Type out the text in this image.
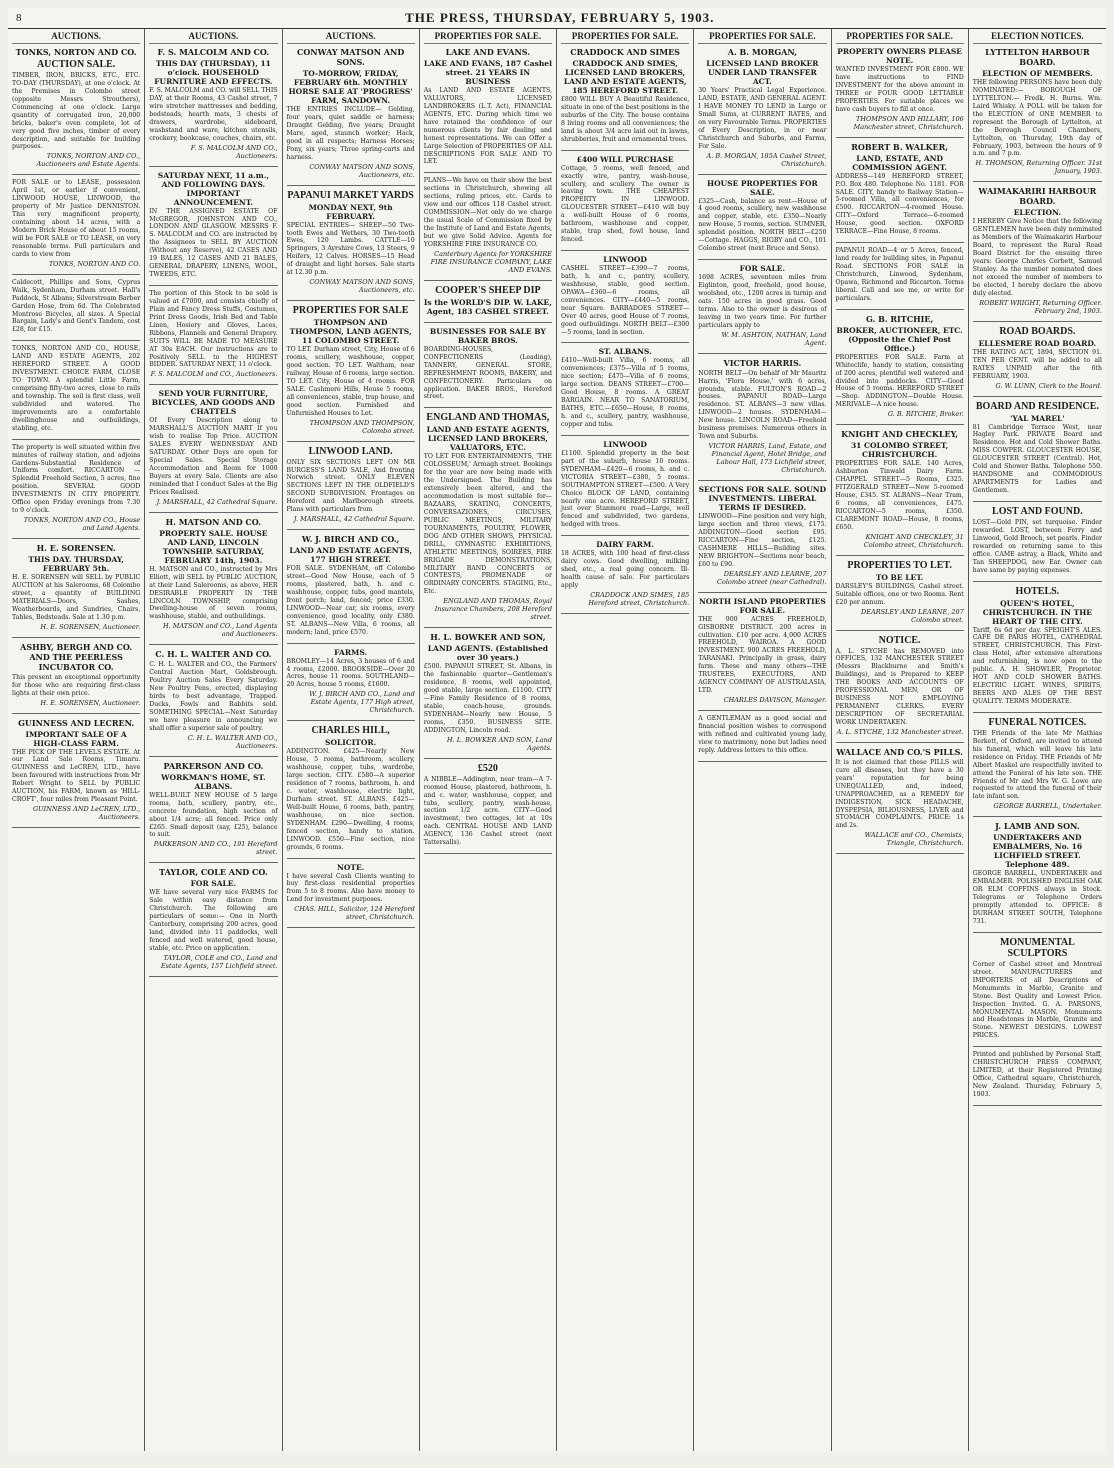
8	THE PRESS, THURSDAY, FEBRUARY 5, 1903.
AUCTIONS.
TONKS, NORTON AND CO.
AUCTION SALE.

TIMBER, IRON, BRICKS, ETC., ETC. TO-DAY (THURSDAY), at one o'clock. At the Premises in Colombo street (opposite Messrs Strouthers), Commencing at one o'clock. Large quantity of corrugated iron, 20,000 bricks, baker's oven complete, lot of very good five inches, timber of every description, and suitable for building purposes.

TONKS, NORTON AND CO., Auctioneers and Estate Agents.

FOR SALE or to LEASE, possession April 1st, or earlier if convenient, LINWOOD HOUSE, LINWOOD, the property of Mr Justice DENNISTON. This very magnificent property, containing about 14 acres, with a Modern Brick House of about 15 rooms, will be FOR SALE or TO LEASE, on very reasonable terms. Full particulars and cards to view from

TONKS, NORTON AND CO.

Caldecott, Phillips and Sons, Cyprus Walk, Sydenham, Durham street. Hall's Paddock, St Albans; Silverstream Barber Garden Hose, from 6d. The Celebrated Montrose Bicycles, all sizes. A Special Bargain, Lady's and Gent's Tandem, cost £28, for £15.

TONKS, NORTON AND CO., HOUSE, LAND AND ESTATE AGENTS, 202 HEREFORD STREET. A GOOD INVESTMENT. CHOICE FARM, CLOSE TO TOWN. A splendid Little Farm, comprising fifty-two acres, close to rails and township. The soil is first class, well subdivided and watered. The improvements are a comfortable dwellinghouse and outbuildings, stabling, etc.

The property is well situated within five minutes of railway station, and adjoins Gardens-Substantial Residence of Uniform comfort. RICCARTON — Splendid Freehold Section, 5 acres, fine position. SEVERAL GOOD INVESTMENTS IN CITY PROPERTY. Office open Friday evenings from 7.30 to 9 o'clock.

TONKS, NORTON AND CO., House and Land Agents.
H. E. SORENSEN.
THIS DAY. THURSDAY, FEBRUARY 5th.

H. E. SORENSEN will SELL by PUBLIC AUCTION at his Salerooms, 68 Colombo street, a quantity of BUILDING MATERIALS—Doors, Sashes, Weatherboards, and Sundries, Chairs, Tables, Bedsteads. Sale at 1.30 p.m.

H. E. SORENSEN, Auctioneer.
ASHBY, BERGH AND CO. AND THE PEERLESS INCUBATOR CO.

This present an exceptional opportunity for those who are requiring first-class lights at their own price.

H. E. SORENSEN, Auctioneer.
GUINNESS AND LECREN.
IMPORTANT SALE OF A HIGH-CLASS FARM.

THE PICK OF THE LEVELS ESTATE. At our Land Sale Rooms, Timaru. GUINNESS and LeCREN, LTD., have been favoured with instructions from Mr Robert Wright to SELL by PUBLIC AUCTION, his FARM, known as 'HILL-CROFT', four miles from Pleasant Point.

GUINNESS AND LeCREN, LTD., Auctioneers.
AUCTIONS.
F. S. MALCOLM AND CO.
THIS DAY (THURSDAY), 11 o'clock. HOUSEHOLD FURNITURE AND EFFECTS.

F. S. MALCOLM and CO. will SELL THIS DAY, at their Rooms, 43 Cashel street, 7 wire stretcher mattresses and bedding, bedsteads, hearth mats, 3 chests of drawers, wardrobe, sideboard, washstand and ware, kitchen utensils, crockery, bookcase, couches, chairs, etc.

F. S. MALCOLM AND CO., Auctioneers.
SATURDAY NEXT, 11 a.m., AND FOLLOWING DAYS. IMPORTANT ANNOUNCEMENT.

IN THE ASSIGNED ESTATE OF McGREGOR, JOHNSTON AND CO., LONDON AND GLASGOW. MESSRS F. S. MALCOLM and CO. are instructed by the Assignees to SELL BY AUCTION (Without any Reserve), 42 CASES AND 19 BALES, 12 CASES AND 21 BALES, GENERAL DRAPERY, LINENS, WOOL, TWEEDS, ETC.

The portion of this Stock to be sold is valued at £7000, and consists chiefly of Plain and Fancy Dress Stuffs, Costumes, Print Dress Goods, Irish Bed and Table Linen, Hosiery and Gloves, Laces, Ribbons, Flannels and General Drapery. SUITS WILL BE MADE TO MEASURE AT 30s EACH. Our instructions are to Positively SELL to the HIGHEST BIDDER. SATURDAY NEXT, 11 o'clock.

F. S. MALCOLM and CO., Auctioneers.
SEND YOUR FURNITURE, BICYCLES, AND GOODS AND CHATTELS

Of Every Description along to MARSHALL'S AUCTION MART If you wish to realise Top Price. AUCTION SALES EVERY WEDNESDAY AND SATURDAY. Other Days are open for Special Sales. Special Storage Accommodation and Room for 1000 Buyers at every Sale. Clients are also reminded that I conduct Sales at the Big Prices Realised.

J. MARSHALL, 42 Cathedral Square.
H. MATSON AND CO.
PROPERTY SALE. HOUSE AND LAND, LINCOLN TOWNSHIP. SATURDAY, FEBRUARY 14th, 1903.

H. MATSON and CO., instructed by Mrs Elliott, will SELL by PUBLIC AUCTION, at their Land Salerooms, as above, HER DESIRABLE PROPERTY IN THE LINCOLN TOWNSHIP, comprising Dwelling-house of seven rooms, washhouse, stable, and outbuildings.

H. MATSON and CO., Land Agents and Auctioneers.
C. H. L. WALTER AND CO.

C. H. L. WALTER and CO., the Farmers' Central Auction Mart, Goldsbrough. Poultry Auction Sales Every Saturday. New Poultry Pens, erected, displaying birds to best advantage, Trapped. Ducks, Fowls and Rabbits sold. SOMETHING SPECIAL—Next Saturday we have pleasure in announcing we shall offer a superior sale of poultry.

C. H. L. WALTER AND CO., Auctioneers.
PARKERSON AND CO.
WORKMAN'S HOME, ST. ALBANS.

WELL-BUILT NEW HOUSE of 5 large rooms, bath, scullery, pantry, etc., concrete foundation, high section of about 1/4 acre; all fenced. Price only £265. Small deposit (say, £25), balance to suit.

PARKERSON AND CO., 191 Hereford street.
TAYLOR, COLE AND CO.
FOR SALE.

WE have several very nice FARMS for Sale within easy distance from Christchurch. The following are particulars of some:— One in North Canterbury, comprising 200 acres, good land, divided into 11 paddocks, well fenced and well watered, good house, stable, etc. Price on application.

TAYLOR, COLE and CO., Land and Estate Agents, 157 Lichfield street.
AUCTIONS.
CONWAY MATSON AND SONS.
TO-MORROW, FRIDAY, FEBRUARY 6th. MONTHLY HORSE SALE AT 'PROGRESS' FARM, SANDOWN.

THE ENTRIES INCLUDE— Gelding, four years, quiet saddle or harness; Draught Gelding, five years; Draught Mare, aged, staunch worker; Hack, good in all respects; Harness Horses; Pony, six years; Three spring-carts and harness.

CONWAY MATSON AND SONS, Auctioneers, etc.
PAPANUI MARKET YARDS
MONDAY NEXT, 9th FEBRUARY.

SPECIAL ENTRIES— SHEEP—50 Two-tooth Ewes and Wethers, 30 Two-tooth Ewes, 120 Lambs. CATTLE—10 Springers, 3 Ayrshire Cows, 13 Steers, 9 Heifers, 12 Calves. HORSES—15 Head of draught and light horses. Sale starts at 12.30 p.m.

CONWAY MATSON AND SONS, Auctioneers, etc.
PROPERTIES FOR SALE
THOMPSON AND THOMPSON, LAND AGENTS, 11 COLOMBO STREET.

TO LET. Durham street, City, House of 6 rooms, scullery, washhouse, copper, good section. TO LET. Waltham, near railway, House of 6 rooms, large section. TO LET. City, House of 4 rooms. FOR SALE. Cashmere Hills, House 5 rooms, all conveniences, stable, trap house, and good section. Furnished and Unfurnished Houses to Let.

THOMPSON AND THOMPSON, Colombo street.
LINWOOD LAND.

ONLY SIX SECTIONS LEFT ON MR BURGESS'S LAND SALE, And fronting Norwich street. ONLY ELEVEN SECTIONS LEFT IN THE OLDFIELD'S SECOND SUBDIVISION. Frontages on Hereford and Marlborough streets. Plans with particulars from

J. MARSHALL, 42 Cathedral Square.
W. J. BIRCH AND CO.,
LAND AND ESTATE AGENTS, 177 HIGH STREET.

FOR SALE. SYDENHAM, off Colombo street—Good New House, each of 5 rooms, plastered, bath, h. and c. washhouse, copper, tubs, good mantels, front porch; land, fenced; price £330. LINWOOD—Near car, six rooms, every convenience, good locality, only £380. ST. ALBANS—New Villa, 6 rooms, all modern; land, price £570.

FARMS.

BROMLEY—14 Acres, 3 houses of 6 and 4 rooms, £2000. BROOKSIDE—Over 20 Acres, house 11 rooms. SOUTHLAND—20 Acres, house 5 rooms, £1600.

W. J. BIRCH AND CO., Land and Estate Agents, 177 High street, Christchurch.
CHARLES HILL,
SOLICITOR.

ADDINGTON. £425—Nearly New House, 5 rooms, bathroom, scullery, washhouse, copper, tubs, wardrobe, large section. CITY. £580—A superior residence of 7 rooms, bathroom, h. and c. water, washhouse, electric light, Durham street. ST. ALBANS. £425—Well-built House, 6 rooms, bath, pantry, washhouse, on nice section. SYDENHAM. £290—Dwelling, 4 rooms, fenced section, handy to station. LINWOOD. £550—Fine section, nice grounds, 6 rooms.

NOTE.

I have several Cash Clients wanting to buy first-class residential properties from 5 to 8 rooms. Also have money to Lend for investment purposes.

CHAS. HILL, Solicitor, 124 Hereford street, Christchurch.
PROPERTIES FOR SALE.
LAKE AND EVANS.
LAKE AND EVANS, 187 Cashel street. 21 YEARS IN BUSINESS

As LAND AND ESTATE AGENTS, VALUATORS, LICENSED LANDBROKERS (L.T. Act), FINANCIAL AGENTS, ETC. During which time we have retained the confidence of our numerous clients by fair dealing and honest representations. We can Offer a Large Selection of PROPERTIES OF ALL DESCRIPTIONS FOR SALE AND TO LET.

PLANS—We have on their show the best sections in Christchurch, showing all sections, ruling prices, etc. Cards to view and our offices 118 Cashel street. COMMISSION—Not only do we charge the usual Scale of Commission fixed by the Institute of Land and Estate Agents, but we give Solid Advice. Agents for YORKSHIRE FIRE INSURANCE CO.

Canterbury Agents for YORKSHIRE FIRE INSURANCE COMPANY, LAKE AND EVANS.
COOPER'S SHEEP DIP
Is the WORLD'S DIP. W. LAKE, Agent, 183 CASHEL STREET.
BUSINESSES FOR SALE BY BAKER BROS.

BOARDING-HOUSES, CONFECTIONERS (Leading), TANNERY, GENERAL STORE, REFRESHMENT ROOMS, BAKERY, and CONFECTIONERY. Particulars on application. BAKER BROS., Hereford street.

ENGLAND AND THOMAS,
LAND AND ESTATE AGENTS, LICENSED LAND BROKERS, VALUATORS, ETC.

TO LET FOR ENTERTAINMENTS, 'THE COLOSSEUM,' Armagh street. Bookings for the year are now being made with the Undersigned. The Building has extensively been altered, and the accommodation is most suitable for— BAZAARS, SKATING, CONCERTS, CONVERSAZIONES, CIRCUSES, PUBLIC MEETINGS, MILITARY TOURNAMENTS, POULTRY, FLOWER, DOG AND OTHER SHOWS, PHYSICAL DRILL, GYMNASTIC EXHIBITIONS, ATHLETIC MEETINGS, SOIREES, FIRE BRIGADE DEMONSTRATIONS, MILITARY BAND CONCERTS or CONTESTS, PROMENADE or ORDINARY CONCERTS. STAGING, Etc., Etc.

ENGLAND AND THOMAS, Royal Insurance Chambers, 208 Hereford street.
H. L. BOWKER AND SON,
LAND AGENTS. (Established over 30 years.)

£500. PAPANUI STREET, St. Albans, in the fashionable quarter—Gentleman's residence, 8 rooms, well appointed, good stable, large section. £1100. CITY—Fine Family Residence of 8 rooms, stable, coach-house, grounds. SYDENHAM—Nearly new House, 5 rooms, £350. BUSINESS SITE. ADDINGTON, Lincoln road.

H. L. BOWKER AND SON, Land Agents.
£520

A NIBBLE—Addington, near tram—A 7-roomed House, plastered, bathroom, h. and c. water, washhouse, copper, and tubs, scullery, pantry, wash-house, section 1/2 acre. CITY—Good investment, two cottages, let at 10s each. CENTRAL HOUSE AND LAND AGENCY, 136 Cashel street (next Tattersalls).

PROPERTIES FOR SALE.
CRADDOCK AND SIMES
CRADDOCK AND SIMES, LICENSED LAND BROKERS, LAND AND ESTATE AGENTS, 185 HEREFORD STREET.

£800 WILL BUY A Beautiful Residence, situate in one of the best positions in the suburbs of the City. The house contains 8 living rooms and all conveniences; the land is about 3/4 acre laid out in lawns, shrubberies, fruit and ornamental trees.

£400 WILL PURCHASE

Cottage, 5 rooms, well fenced, and exactly wire, pantry, wash-house, scullery, and scullery. The owner is leaving town. THE CHEAPEST PROPERTY IN LINWOOD. GLOUCESTER STREET—£410 will buy a well-built House of 6 rooms, bathroom, washhouse and copper, stable, trap shed, fowl house, land fenced.

LINWOOD

CASHEL STREET—£390—7 rooms, bath, h. and c., pantry, scullery, washhouse, stable, good section. OPAWA—£360—6 rooms, all conveniences. CITY—£440—5 rooms, near Square. BARBADOES STREET—Over 40 acres, good House of 7 rooms, good outbuildings. NORTH BELT—£300—5 rooms, land in section.

ST. ALBANS.

£410—Well-built Villa, 6 rooms, all conveniences; £375—Villa of 5 rooms, nice section; £475—Villa of 6 rooms, large section. DEANS STREET—£700—Good House, 8 rooms. A GREAT BARGAIN. NEAR TO SANATORIUM, BATHS, ETC.—£650—House, 8 rooms, h. and c., scullery, pantry, washhouse, copper and tubs.

LINWOOD

£1100. Splendid property in the best part of the suburb, house 10 rooms. SYDENHAM—£420—6 rooms, h. and c. VICTORIA STREET—£380, 5 rooms. SOUTHAMPTON STREET—£500. A Very Choice BLOCK OF LAND, containing nearly one acre. HEREFORD STREET, just over Stanmore road—Large, well fenced and subdivided, two gardens, hedged with trees.

DAIRY FARM.

18 ACRES, with 100 head of first-class dairy cows. Good dwelling, milking shed, etc., a real going concern. Ill-health cause of sale. For particulars apply

CRADDOCK AND SIMES, 185 Hereford street, Christchurch.
PROPERTIES FOR SALE.
A. B. MORGAN,
LICENSED LAND BROKER UNDER LAND TRANSFER ACT.

30 Years' Practical Legal Experience. LAND, ESTATE, AND GENERAL AGENT. I HAVE MONEY TO LEND in Large or Small Sums, at CURRENT RATES, and on very Favourable Terms. PROPERTIES of Every Description, in or near Christchurch and Suburbs, and Farms, For Sale.

A. B. MORGAN, 185A Cashel Street, Christchurch.
HOUSE PROPERTIES FOR SALE.

£325—Cash, balance as rent—House of 4 good rooms, scullery, new washhouse and copper, stable, etc. £350—Nearly new House, 5 rooms, section. SUMNER, splendid position. NORTH BELT—£250—Cottage. HAGGS, RIGBY and CO., 101 Colombo street (next Bruce and Sons).

FOR SALE.

1698 ACRES, seventeen miles from Eiglinton, good, freehold, good house, woolshed, etc., 1200 acres in turnip and oats. 150 acres in good grass. Good terms. Also to the owner is desirous of leaving in two years time. For further particulars apply to

W. M. ASHTON, NATHAN, Land Agent.
VICTOR HARRIS.

NORTH BELT—On behalf of Mr Mauritz Harris, 'Flora House,' with 6 acres, grounds, stable. FULTON'S ROAD—2 houses. PAPANUI ROAD—Large residence. ST. ALBANS—3 new villas. LINWOOD—2 houses. SYDENHAM—New house. LINCOLN ROAD—Freehold business premises. Numerous others in Town and Suburbs.

VICTOR HARRIS, Land, Estate, and Financial Agent, Hotel Bridge, and Labour Hall, 173 Lichfield street, Christchurch.
SECTIONS FOR SALE. SOUND INVESTMENTS. LIBERAL TERMS IF DESIRED.

LINWOOD—Fine position and very high, large section and three views, £175. ADDINGTON—Good section £95. RICCARTON—Fine section, £125. CASHMERE HILLS—Building sites. NEW BRIGHTON—Sections near beach, £60 to £90.

DEARSLEY AND LEARNE, 207 Colombo street (near Cathedral).
NORTH ISLAND PROPERTIES FOR SALE.

THE 900 ACRES FREEHOLD, GISBORNE DISTRICT. 200 acres in cultivation. £10 per acre. 4,000 ACRES FREEHOLD, WAIROA. A GOOD INVESTMENT. 900 ACRES FREEHOLD, TARANAKI. Principally in grass, dairy farm. These and many others—THE TRUSTEES, EXECUTORS, AND AGENCY COMPANY OF AUSTRALASIA, LTD.

CHARLES DAVISON, Manager.

A GENTLEMAN as a good social and financial position wishes to correspond with refined and cultivated young lady, view to matrimony, none but ladies need reply. Address letters to this office.

PROPERTIES FOR SALE.
PROPERTY OWNERS PLEASE NOTE.

WANTED INVESTMENT FOR £800. WE have instructions to FIND INVESTMENT for the above amount in THREE or FOUR GOOD LETTABLE PROPERTIES. For suitable places we have cash buyers to fill at once.

THOMPSON AND HILLARY, 106 Manchester street, Christchurch.
ROBERT B. WALKER,
LAND, ESTATE, AND COMMISSION AGENT.

ADDRESS—149 HEREFORD STREET, P.O. Box 480. Telephone No. 1181. FOR SALE. CITY, handy to Railway Station—5-roomed Villa, all conveniences, for £500. RICCARTON—4-roomed House. CITY—Oxford Terrace—6-roomed House, good section. OXFORD TERRACE—Fine House, 8 rooms.

PAPANUI ROAD—4 or 5 Acres, fenced, land ready for building sites, in Papanui Road. SECTIONS FOR SALE in Christchurch, Linwood, Sydenham, Opawa, Richmond and Riccarton. Terms liberal. Call and see me, or write for particulars.

G. B. RITCHIE,
BROKER, AUCTIONEER, ETC. (Opposite the Chief Post Office.)

PROPERTIES FOR SALE. Farm at Whiteclife, handy to station, consisting of 200 acres, plentiful well watered and divided into paddocks. CITY—Good House of 5 rooms. HEREFORD STREET—Shop. ADDINGTON—Double House. MERIVALE—A nice house.

G. B. RITCHIE, Broker.
KNIGHT AND CHECKLEY,
31 COLOMBO STREET, CHRISTCHURCH.

PROPERTIES FOR SALE. 140 Acres, Ashburton Tinwald Dairy Farm. CHAPPEL STREET—5 Rooms, £325. FITZGERALD STREET—New 5-roomed House, £345. ST. ALBANS—Near Tram, 6 rooms, all conveniences, £475. RICCARTON—5 rooms, £350. CLAREMONT ROAD—House, 8 rooms, £650.

KNIGHT AND CHECKLEY, 31 Colombo street, Christchurch.
PROPERTIES TO LET.
TO BE LET.

DARSLEY'S BUILDINGS, Cashel street. Suitable offices, one or two Rooms. Rent £20 per annum.

DEARSLEY AND LEARNE, 207 Colombo street.
NOTICE.

A. L. STYCHE has REMOVED into OFFICES, 132 MANCHESTER STREET (Messrs Blackburne and Smith's Buildings), and is Prepared to KEEP THE BOOKS AND ACCOUNTS OF PROFESSIONAL MEN, OR OF BUSINESS NOT EMPLOYING PERMANENT CLERKS. EVERY DESCRIPTION OF SECRETARIAL WORK UNDERTAKEN.

A. L. STYCHE, 132 Manchester street.
WALLACE AND CO.'S PILLS.

It is not claimed that these PILLS will cure all diseases, but they have a 30 years' reputation for being UNEQUALLED, and, indeed, UNAPPROACHED, as a REMEDY for INDIGESTION, SICK HEADACHE, DYSPEPSIA, BILIOUSNESS, LIVER and STOMACH COMPLAINTS. PRICE: 1s and 2s.

WALLACE and CO., Chemists, Triangle, Christchurch.
ELECTION NOTICES.
LYTTELTON HARBOUR BOARD.
ELECTION OF MEMBERS.

THE following PERSONS have been duly NOMINATED:— BOROUGH OF LYTTELTON.— Fredk. H. Burns. Wm. Laird Whisky. A POLL will be taken for the ELECTION of ONE MEMBER to represent the Borough of Lyttelton, at the Borough Council Chambers, Lyttelton, on Thursday, 19th day of February, 1903, between the hours of 9 a.m. and 7 p.m.

H. THOMSON, Returning Officer. 31st January, 1903.
WAIMAKARIRI HARBOUR BOARD.
ELECTION.

I HEREBY Give Notice that the following GENTLEMEN have been duly nominated as Members of the Waimakariri Harbour Board, to represent the Rural Road Board District for the ensuing three years: George Charles Corbett, Samuel Stanley. As the number nominated does not exceed the number of members to be elected, I hereby declare the above duly elected.

ROBERT WRIGHT, Returning Officer. February 2nd, 1903.
ROAD BOARDS.
ELLESMERE ROAD BOARD.

THE RATING ACT, 1894, SECTION 91. TEN PER CENT. will be added to all RATES UNPAID after the 6th FEBRUARY, 1903.

G. W. LUNN, Clerk to the Board.
BOARD AND RESIDENCE.
'YAL MAREL'

81 Cambridge Terrace West, near Hagley Park. PRIVATE Board and Residence. Hot and Cold Shower Baths. MISS COWPER. GLOUCESTER HOUSE, GLOUCESTER STREET (Central). Hot, Cold and Shower Baths. Telephone 550. HANDSOME and COMMODIOUS APARTMENTS for Ladies and Gentlemen.

LOST AND FOUND.

LOST—Gold PIN, set turquoise. Finder rewarded. LOST, between Ferry and Linwood, Gold Brooch, set pearls. Finder rewarded on returning same to this office. CAME astray, a Black, White and Tan SHEEPDOG, new Ear. Owner can have same by paying expenses.

HOTELS.
QUEEN'S HOTEL, CHRISTCHURCH. IN THE HEART OF THE CITY.

Tariff, 6s 6d per day. SPEIGHT'S ALES. CAFE DE PARIS HOTEL, CATHEDRAL STREET, CHRISTCHURCH. This First-class Hotel, after extensive alterations and refurnishing, is now open to the public. A. H. SHOWLER, Proprietor. HOT AND COLD SHOWER BATHS. ELECTRIC LIGHT. WINES, SPIRITS, BEERS AND ALES OF THE BEST QUALITY. TERMS MODERATE.

FUNERAL NOTICES.

THE Friends of the late Mr Mathias Berkett, of Oxford, are invited to attend his funeral, which will leave his late residence on Friday. THE Friends of Mr Albert Maskel are respectfully invited to attend the Funeral of his late son. THE Friends of Mr and Mrs W. G. Lowe are requested to attend the funeral of their late infant son.

GEORGE BARRELL, Undertaker.
J. LAMB AND SON.
UNDERTAKERS AND EMBALMERS, No. 16 LICHFIELD STREET. Telephone 489.

GEORGE BARRELL, UNDERTAKER and EMBALMER. POLISHED ENGLISH OAK OR ELM COFFINS always in Stock. Telegrams or Telephone Orders promptly attended to. OFFICE: 8 DURHAM STREET SOUTH, Telephone 731.

MONUMENTAL SCULPTORS

Corner of Cashel street and Montreal street. MANUFACTURERS and IMPORTERS of all Descriptions of Monuments in Marble, Granite and Stone. Best Quality and Lowest Price. Inspection Invited. G. A. PARSONS, MONUMENTAL MASON. Monuments and Headstones in Marble, Granite and Stone. NEWEST DESIGNS. LOWEST PRICES.

Printed and published by Personal Staff, CHRISTCHURCH PRESS COMPANY, LIMITED, at their Registered Printing Office, Cathedral square, Christchurch, New Zealand. Thursday, February 5, 1903.
